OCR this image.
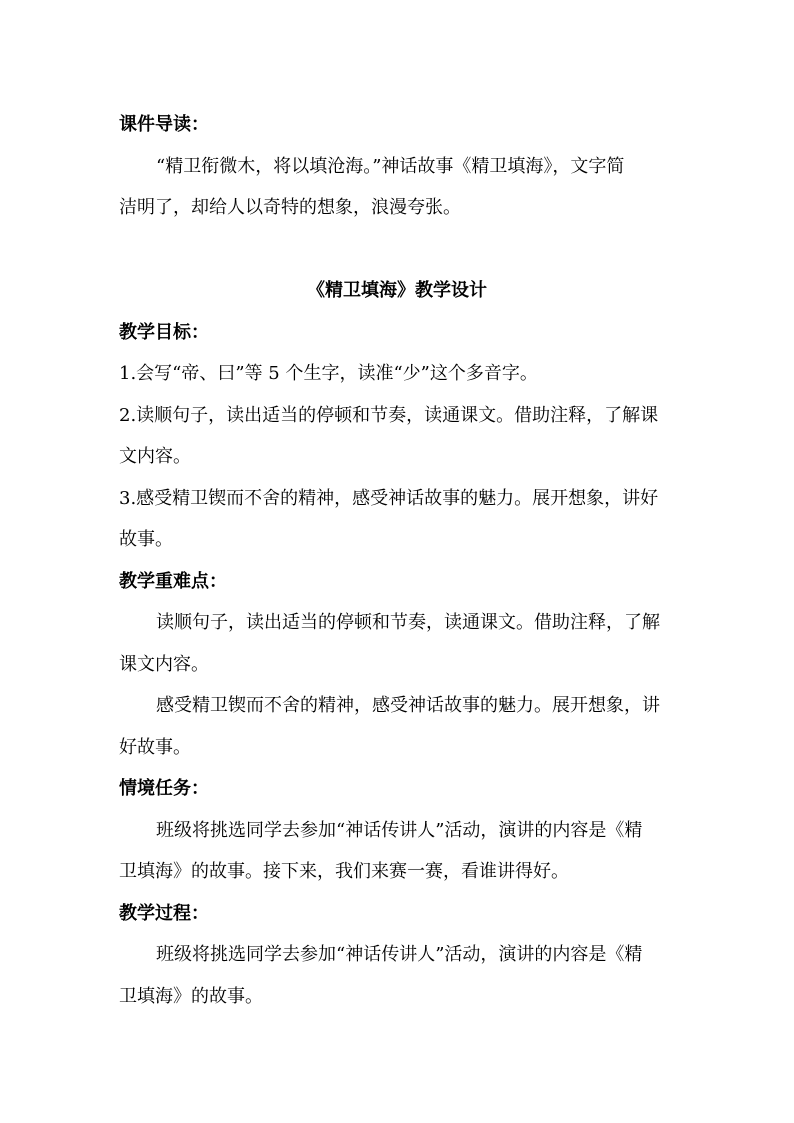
课件导读：
“精卫衔微木，将以填沧海。”神话故事《精卫填海》，文字简
洁明了，却给人以奇特的想象，浪漫夸张。
《精卫填海》教学设计
教学目标：
1.会写“帝、曰”等 5 个生字，读准“少”这个多音字。
2.读顺句子，读出适当的停顿和节奏，读通课文。借助注释，了解课
文内容。
3.感受精卫锲而不舍的精神，感受神话故事的魅力。展开想象，讲好
故事。
教学重难点：
读顺句子，读出适当的停顿和节奏，读通课文。借助注释，了解
课文内容。
感受精卫锲而不舍的精神，感受神话故事的魅力。展开想象，讲
好故事。
情境任务：
班级将挑选同学去参加“神话传讲人”活动，演讲的内容是《精
卫填海》的故事。接下来，我们来赛一赛，看谁讲得好。
教学过程：
班级将挑选同学去参加“神话传讲人”活动，演讲的内容是《精
卫填海》的故事。
